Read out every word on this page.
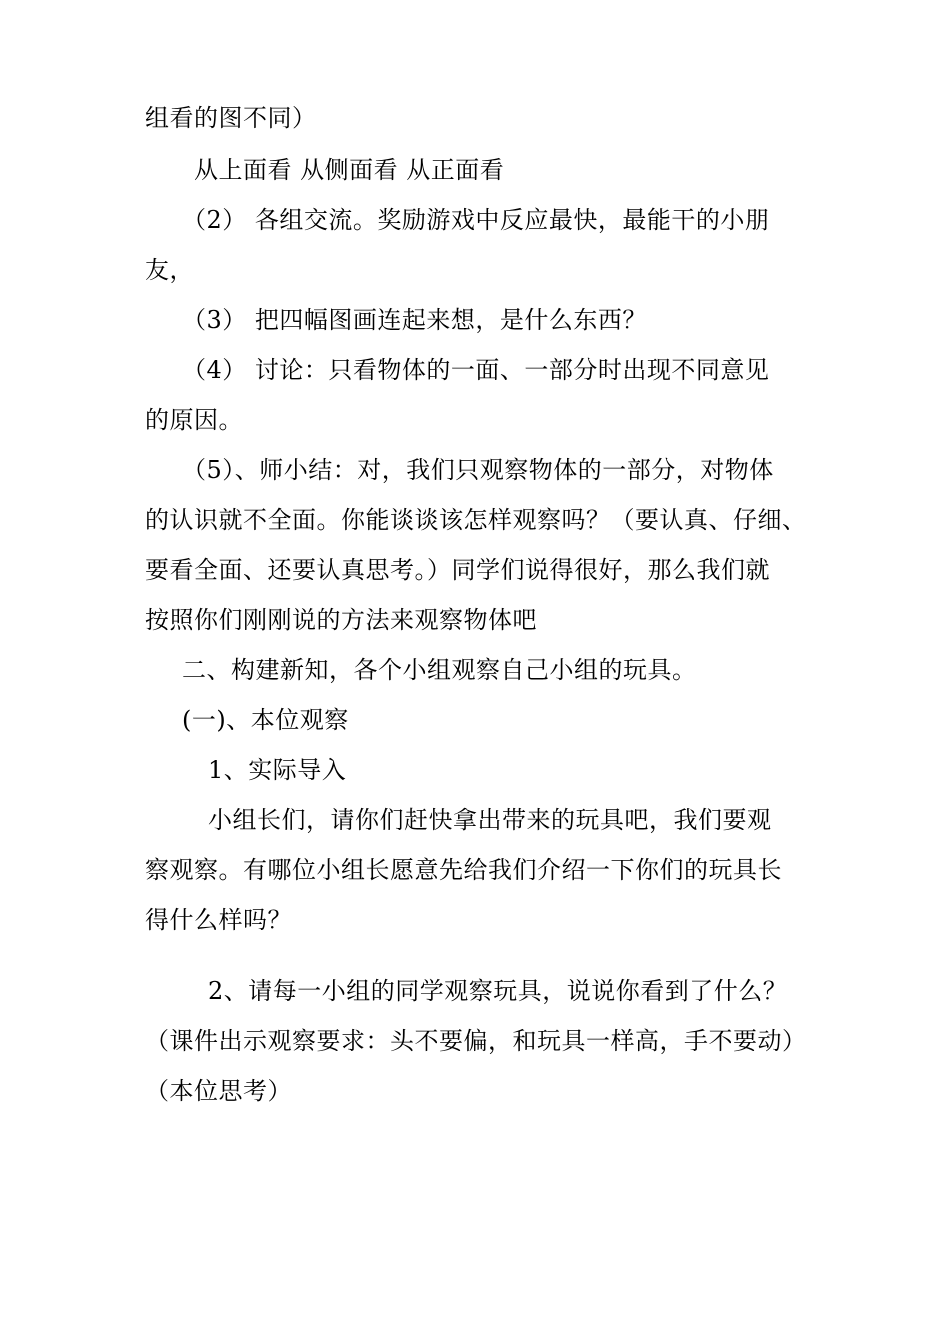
组看的图不同）
从上面看 从侧面看 从正面看
（2） 各组交流。奖励游戏中反应最快，最能干的小朋
友，
（3） 把四幅图画连起来想，是什么东西？
（4） 讨论：只看物体的一面、一部分时出现不同意见
的原因。
（5）、师小结：对，我们只观察物体的一部分，对物体
的认识就不全面。你能谈谈该怎样观察吗？（要认真、仔细、
要看全面、还要认真思考。）同学们说得很好，那么我们就
按照你们刚刚说的方法来观察物体吧
二、构建新知，各个小组观察自己小组的玩具。
(一)、本位观察
1、实际导入
小组长们，请你们赶快拿出带来的玩具吧，我们要观
察观察。有哪位小组长愿意先给我们介绍一下你们的玩具长
得什么样吗？
2、请每一小组的同学观察玩具，说说你看到了什么？
（课件出示观察要求：头不要偏，和玩具一样高，手不要动）
（本位思考）
